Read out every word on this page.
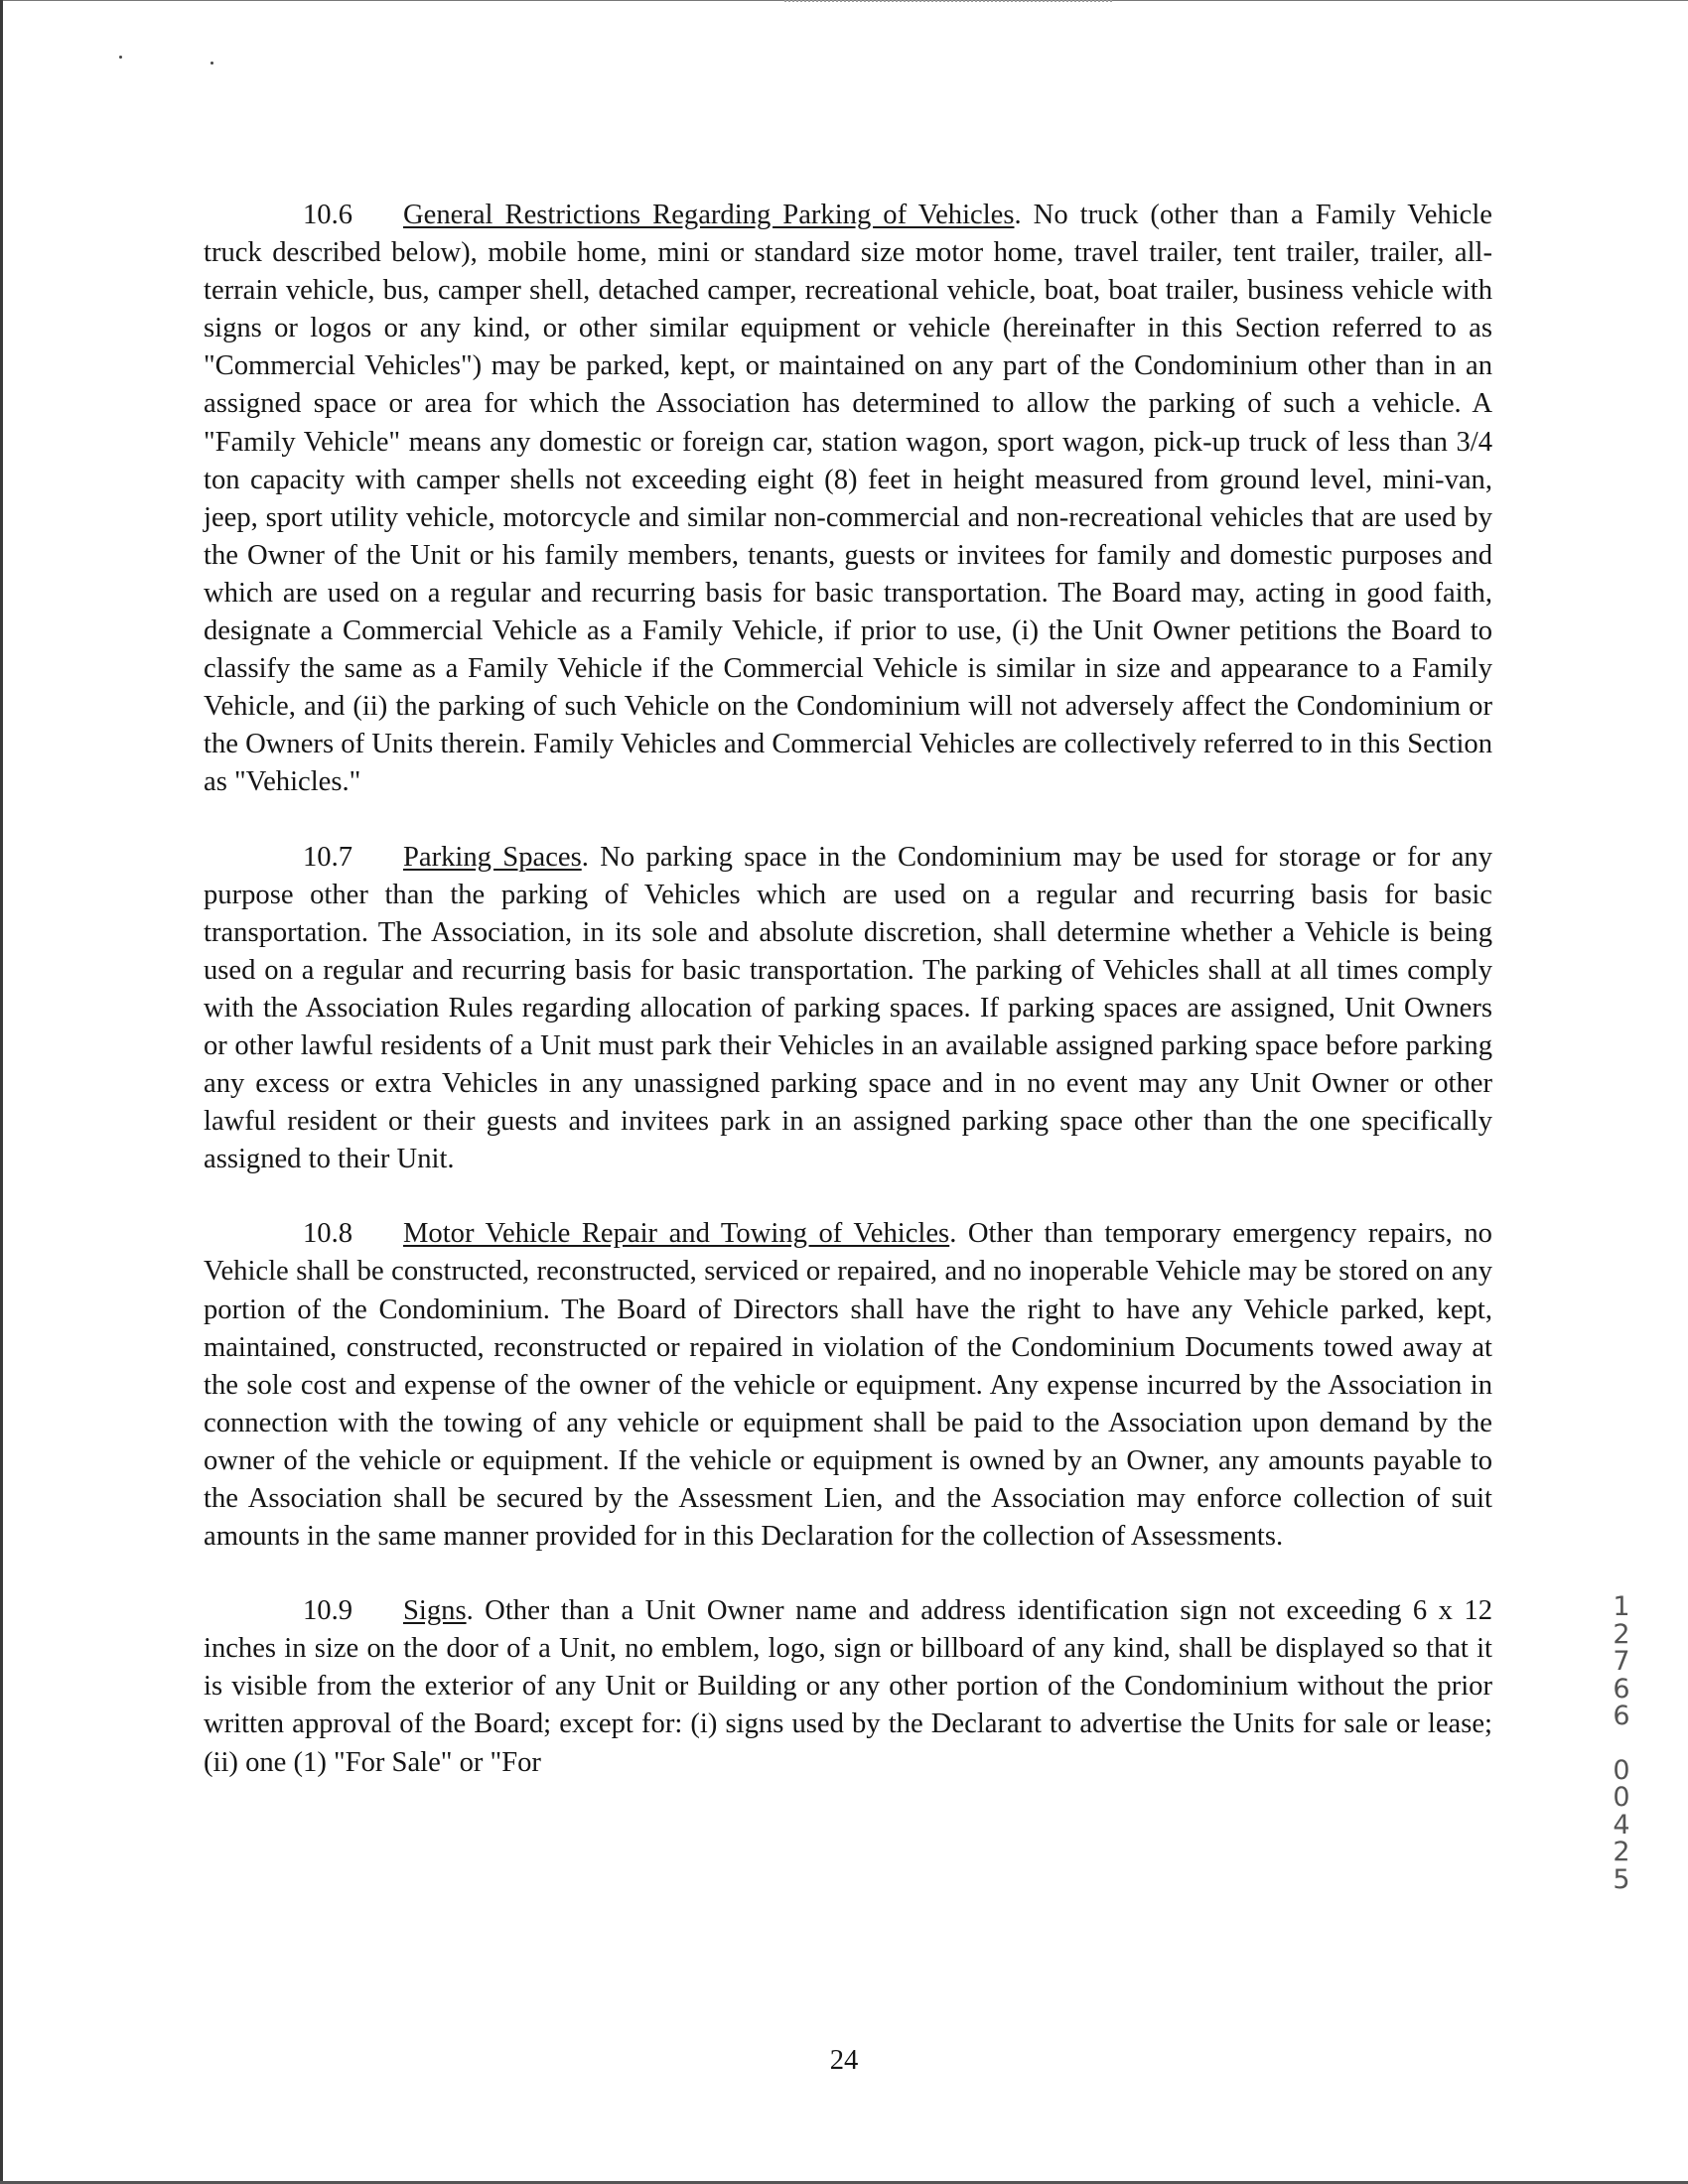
10.6 General Restrictions Regarding Parking of Vehicles. No truck (other than a Family Vehicle truck described below), mobile home, mini or standard size motor home, travel trailer, tent trailer, trailer, all-terrain vehicle, bus, camper shell, detached camper, recreational vehicle, boat, boat trailer, business vehicle with signs or logos or any kind, or other similar equipment or vehicle (hereinafter in this Section referred to as "Commercial Vehicles") may be parked, kept, or maintained on any part of the Condominium other than in an assigned space or area for which the Association has determined to allow the parking of such a vehicle. A "Family Vehicle" means any domestic or foreign car, station wagon, sport wagon, pick-up truck of less than 3/4 ton capacity with camper shells not exceeding eight (8) feet in height measured from ground level, mini-van, jeep, sport utility vehicle, motorcycle and similar non-commercial and non-recreational vehicles that are used by the Owner of the Unit or his family members, tenants, guests or invitees for family and domestic purposes and which are used on a regular and recurring basis for basic transportation. The Board may, acting in good faith, designate a Commercial Vehicle as a Family Vehicle, if prior to use, (i) the Unit Owner petitions the Board to classify the same as a Family Vehicle if the Commercial Vehicle is similar in size and appearance to a Family Vehicle, and (ii) the parking of such Vehicle on the Condominium will not adversely affect the Condominium or the Owners of Units therein. Family Vehicles and Commercial Vehicles are collectively referred to in this Section as "Vehicles."

10.7 Parking Spaces. No parking space in the Condominium may be used for storage or for any purpose other than the parking of Vehicles which are used on a regular and recurring basis for basic transportation. The Association, in its sole and absolute discretion, shall determine whether a Vehicle is being used on a regular and recurring basis for basic transportation. The parking of Vehicles shall at all times comply with the Association Rules regarding allocation of parking spaces. If parking spaces are assigned, Unit Owners or other lawful residents of a Unit must park their Vehicles in an available assigned parking space before parking any excess or extra Vehicles in any unassigned parking space and in no event may any Unit Owner or other lawful resident or their guests and invitees park in an assigned parking space other than the one specifically assigned to their Unit.

10.8 Motor Vehicle Repair and Towing of Vehicles. Other than temporary emergency repairs, no Vehicle shall be constructed, reconstructed, serviced or repaired, and no inoperable Vehicle may be stored on any portion of the Condominium. The Board of Directors shall have the right to have any Vehicle parked, kept, maintained, constructed, reconstructed or repaired in violation of the Condominium Documents towed away at the sole cost and expense of the owner of the vehicle or equipment. Any expense incurred by the Association in connection with the towing of any vehicle or equipment shall be paid to the Association upon demand by the owner of the vehicle or equipment. If the vehicle or equipment is owned by an Owner, any amounts payable to the Association shall be secured by the Assessment Lien, and the Association may enforce collection of suit amounts in the same manner provided for in this Declaration for the collection of Assessments.

10.9 Signs. Other than a Unit Owner name and address identification sign not exceeding 6 x 12 inches in size on the door of a Unit, no emblem, logo, sign or billboard of any kind, shall be displayed so that it is visible from the exterior of any Unit or Building or any other portion of the Condominium without the prior written approval of the Board; except for: (i) signs used by the Declarant to advertise the Units for sale or lease; (ii) one (1) "For Sale" or "For

1
2
7
6
6
0
0
4
2
5
24
